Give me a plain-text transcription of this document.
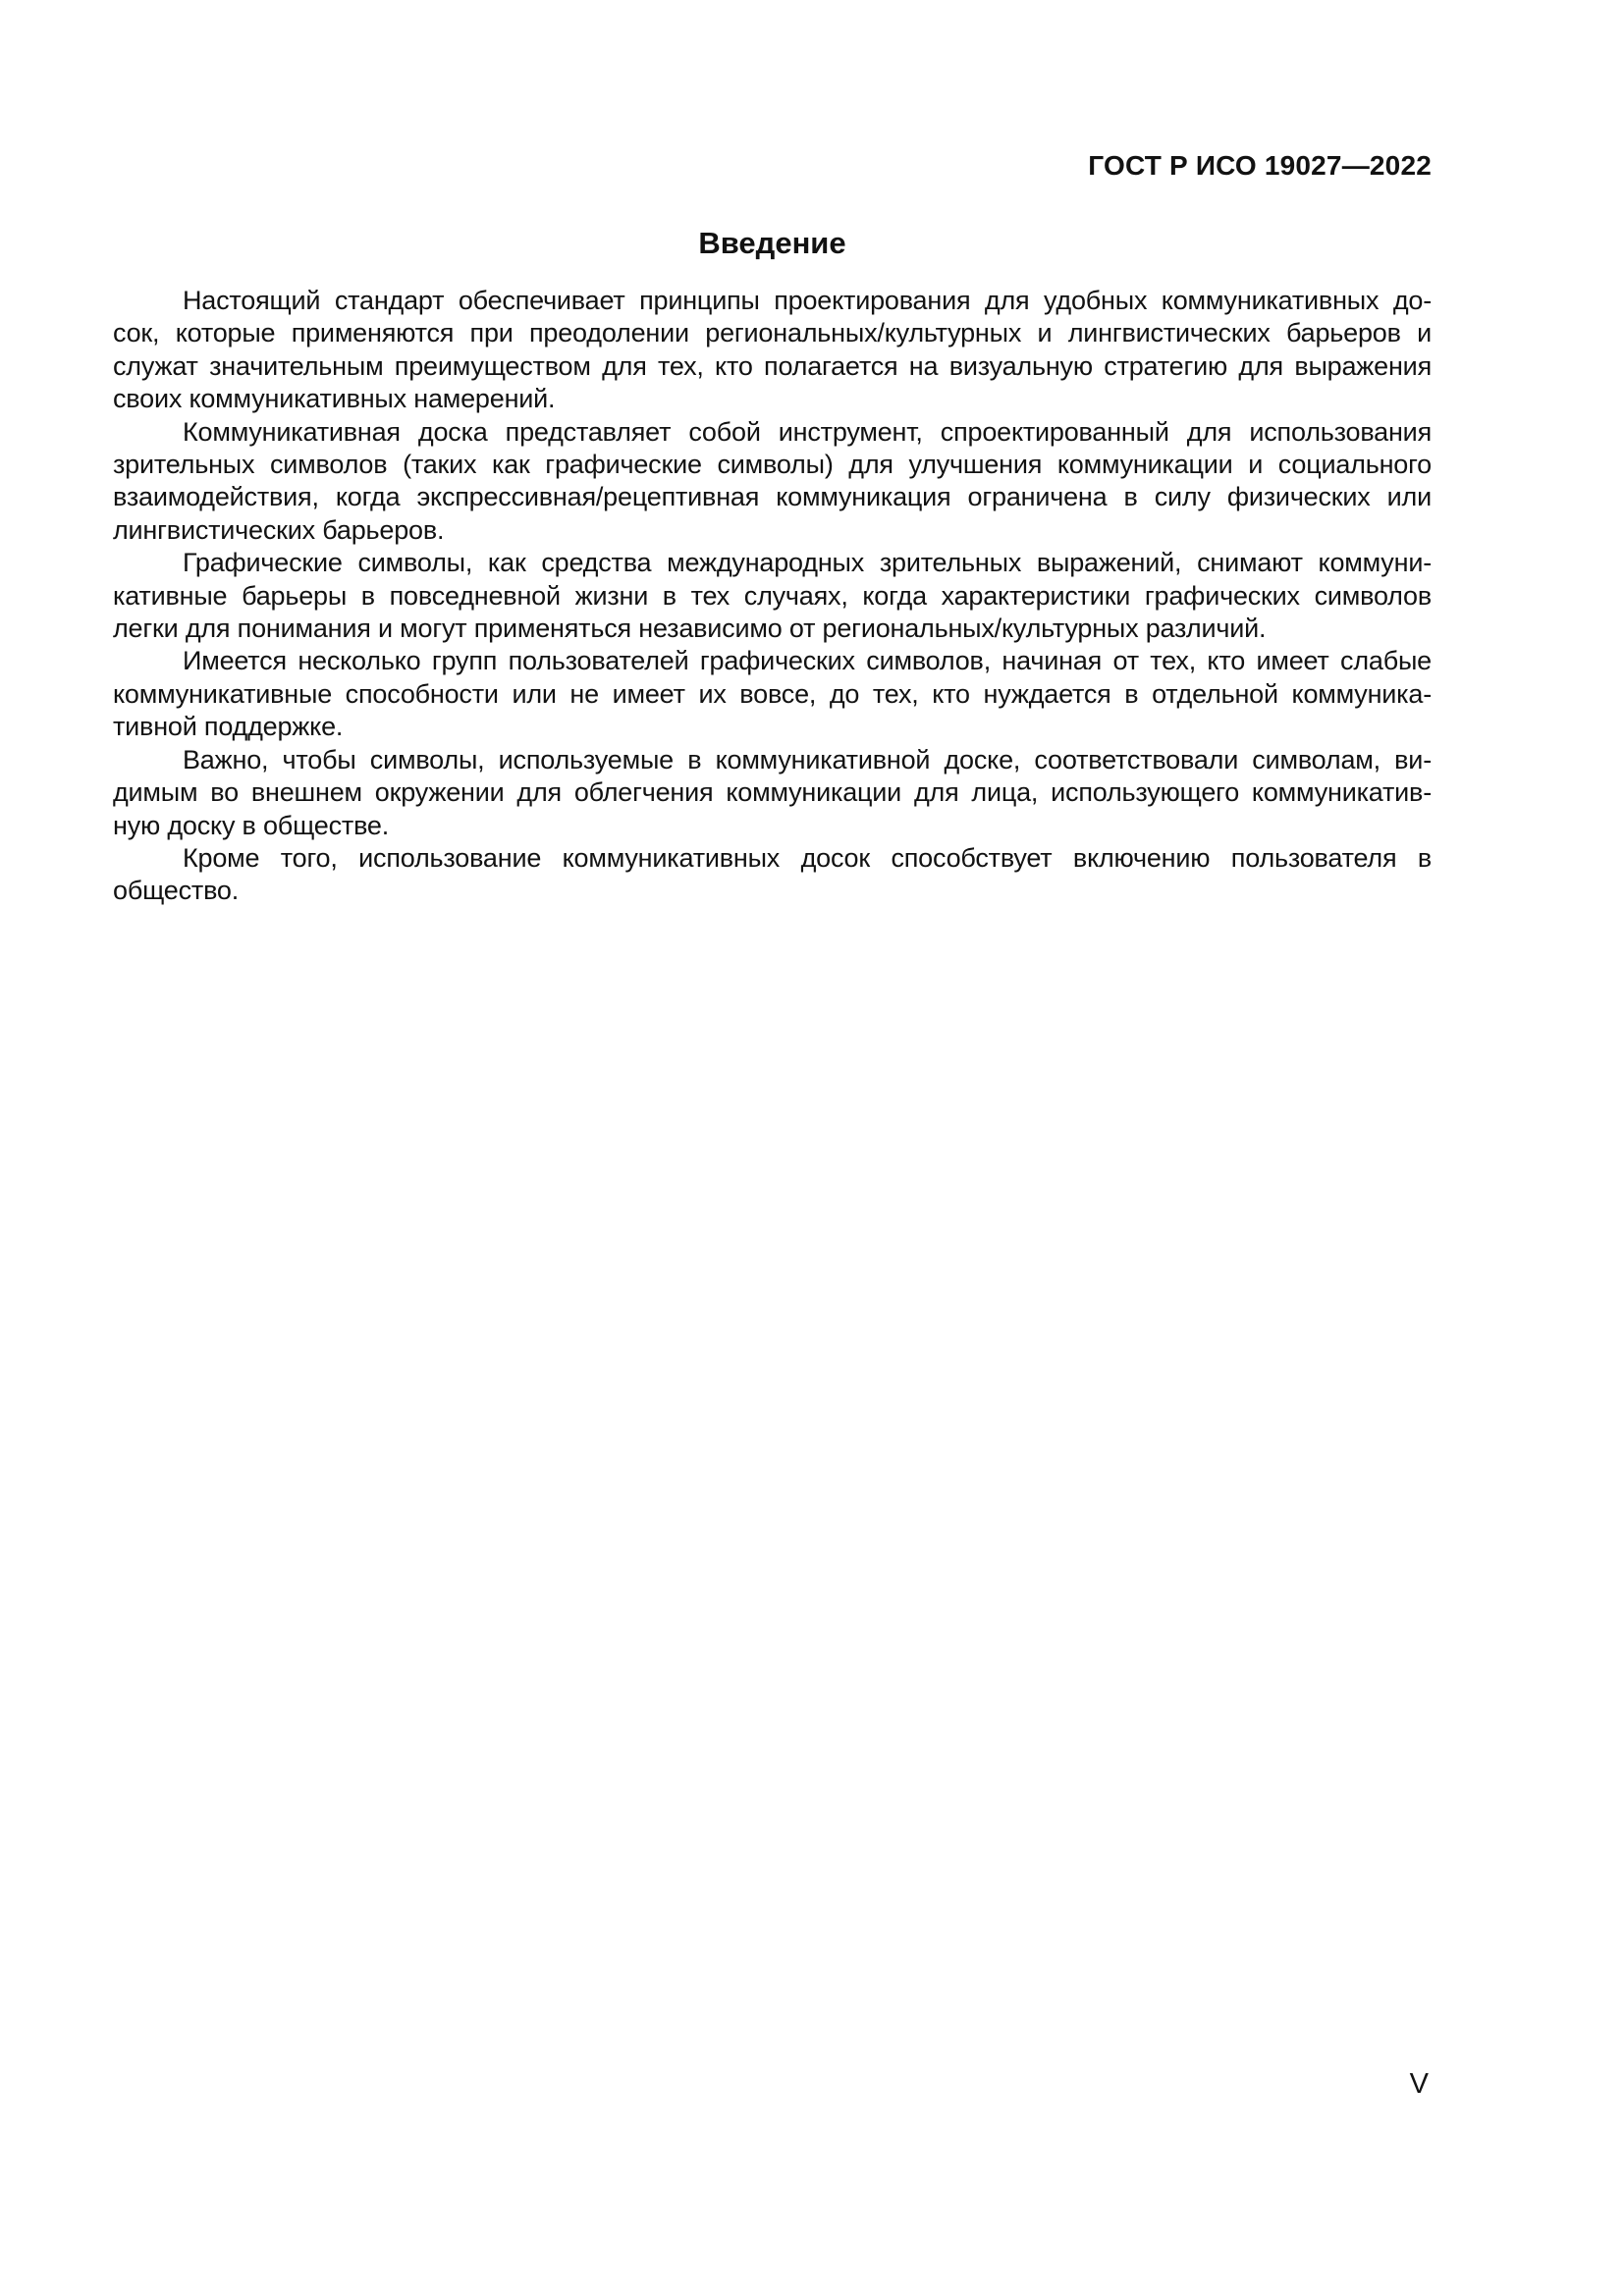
ГОСТ Р ИСО 19027—2022
Введение
Настоящий стандарт обеспечивает принципы проектирования для удобных коммуникативных до-
сок, которые применяются при преодолении региональных/культурных и лингвистических барьеров и
служат значительным преимуществом для тех, кто полагается на визуальную стратегию для выражения
своих коммуникативных намерений.
Коммуникативная доска представляет собой инструмент, спроектированный для использования
зрительных символов (таких как графические символы) для улучшения коммуникации и социального
взаимодействия, когда экспрессивная/рецептивная коммуникация ограничена в силу физических или
лингвистических барьеров.
Графические символы, как средства международных зрительных выражений, снимают коммуни-
кативные барьеры в повседневной жизни в тех случаях, когда характеристики графических символов
легки для понимания и могут применяться независимо от региональных/культурных различий.
Имеется несколько групп пользователей графических символов, начиная от тех, кто имеет слабые
коммуникативные способности или не имеет их вовсе, до тех, кто нуждается в отдельной коммуника-
тивной поддержке.
Важно, чтобы символы, используемые в коммуникативной доске, соответствовали символам, ви-
димым во внешнем окружении для облегчения коммуникации для лица, использующего коммуникатив-
ную доску в обществе.
Кроме того, использование коммуникативных досок способствует включению пользователя в
общество.
V
